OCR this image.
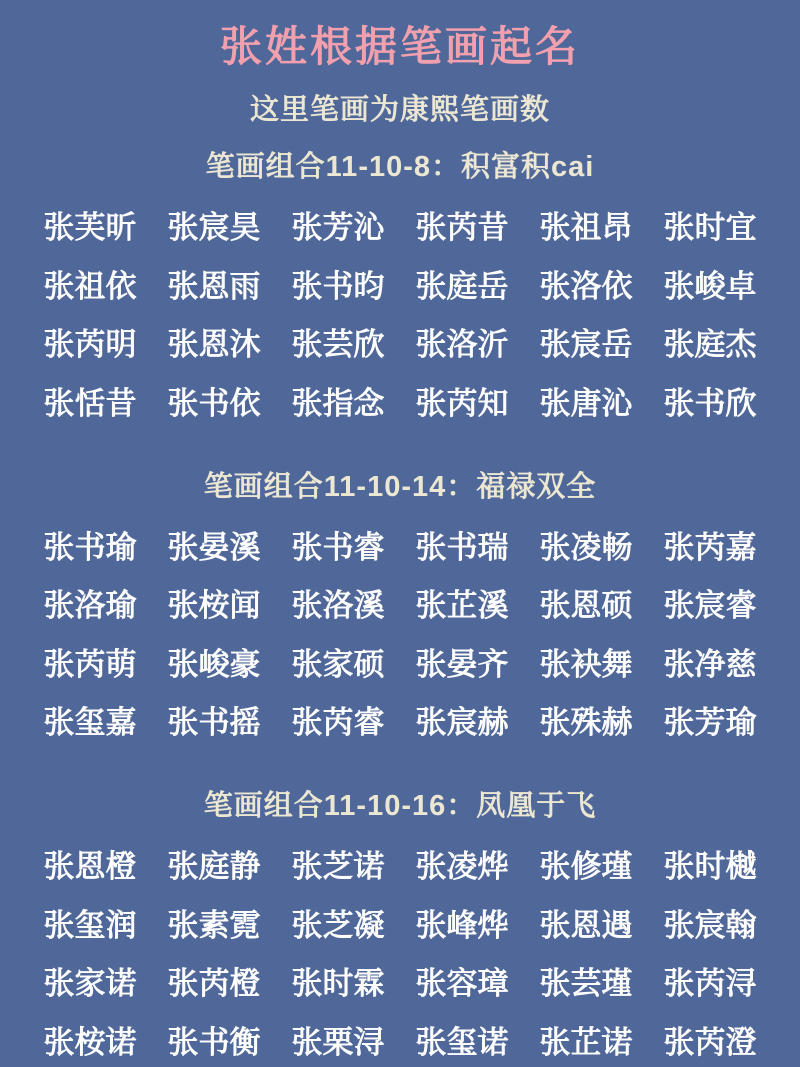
张姓根据笔画起名
这里笔画为康熙笔画数
笔画组合11-10-8：积富积cai
张芙昕 张宸昊 张芳沁 张芮昔 张祖昂 张时宜
张祖依 张恩雨 张书昀 张庭岳 张洛依 张峻卓
张芮明 张恩沐 张芸欣 张洛沂 张宸岳 张庭杰
张恬昔 张书依 张指念 张芮知 张唐沁 张书欣
笔画组合11-10-14：福禄双全
张书瑜 张晏溪 张书睿 张书瑞 张凌畅 张芮嘉
张洛瑜 张桉闻 张洛溪 张芷溪 张恩硕 张宸睿
张芮萌 张峻豪 张家硕 张晏齐 张袂舞 张净慈
张玺嘉 张书摇 张芮睿 张宸赫 张殊赫 张芳瑜
笔画组合11-10-16：凤凰于飞
张恩橙 张庭静 张芝诺 张凌烨 张修瑾 张时樾
张玺润 张素霓 张芝凝 张峰烨 张恩遇 张宸翰
张家诺 张芮橙 张时霖 张容璋 张芸瑾 张芮浔
张桉诺 张书衡 张栗浔 张玺诺 张芷诺 张芮澄
